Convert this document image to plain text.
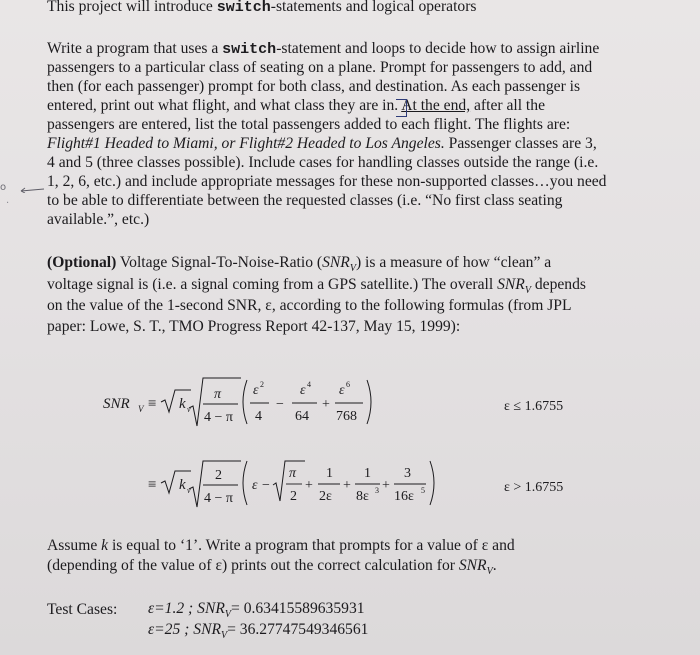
This project will introduce switch-statements and logical operators
Write a program that uses a switch-statement and loops to decide how to assign airline
passengers to a particular class of seating on a plane. Prompt for passengers to add, and
then (for each passenger) prompt for both class, and destination. As each passenger is
entered, print out what flight, and what class they are in. At the end, after all the
passengers are entered, list the total passengers added to each flight. The flights are:
Flight#1 Headed to Miami, or Flight#2 Headed to Los Angeles. Passenger classes are 3,
4 and 5 (three classes possible). Include cases for handling classes outside the range (i.e.
1, 2, 6, etc.) and include appropriate messages for these non-supported classes…you need
to be able to differentiate between the requested classes (i.e. “No first class seating
available.”, etc.)
o
·
(Optional) Voltage Signal-To-Noise-Ratio $(SNR_V)$ is a measure of how “clean” a
voltage signal is (i.e. a signal coming from a GPS satellite.) The overall $SNR_V$ depends
on the value of the 1-second SNR, ε, according to the following formulas (from JPL
paper: Lowe, S. T., TMO Progress Report 42-137, May 15, 1999):
SNR V ≡ k v
π
4 − π
ε 2
4
−
ε 4
64
+
ε 6
768
ε ≤ 1.6755
≡ k v
2
4 − π
ε −
π
2
+
1
2ε
+
1
8ε 3 +
3
16ε 5	ε > 1.6755
Assume k is equal to ‘1’. Write a program that prompts for a value of ε and
(depending of the value of ε) prints out the correct calculation for $SNR_V$.
Test Cases: ε=1.2 ; $SNR_V= 0.63415589635931$
ε=25 ; $SNR_V= 36.27747549346561$
